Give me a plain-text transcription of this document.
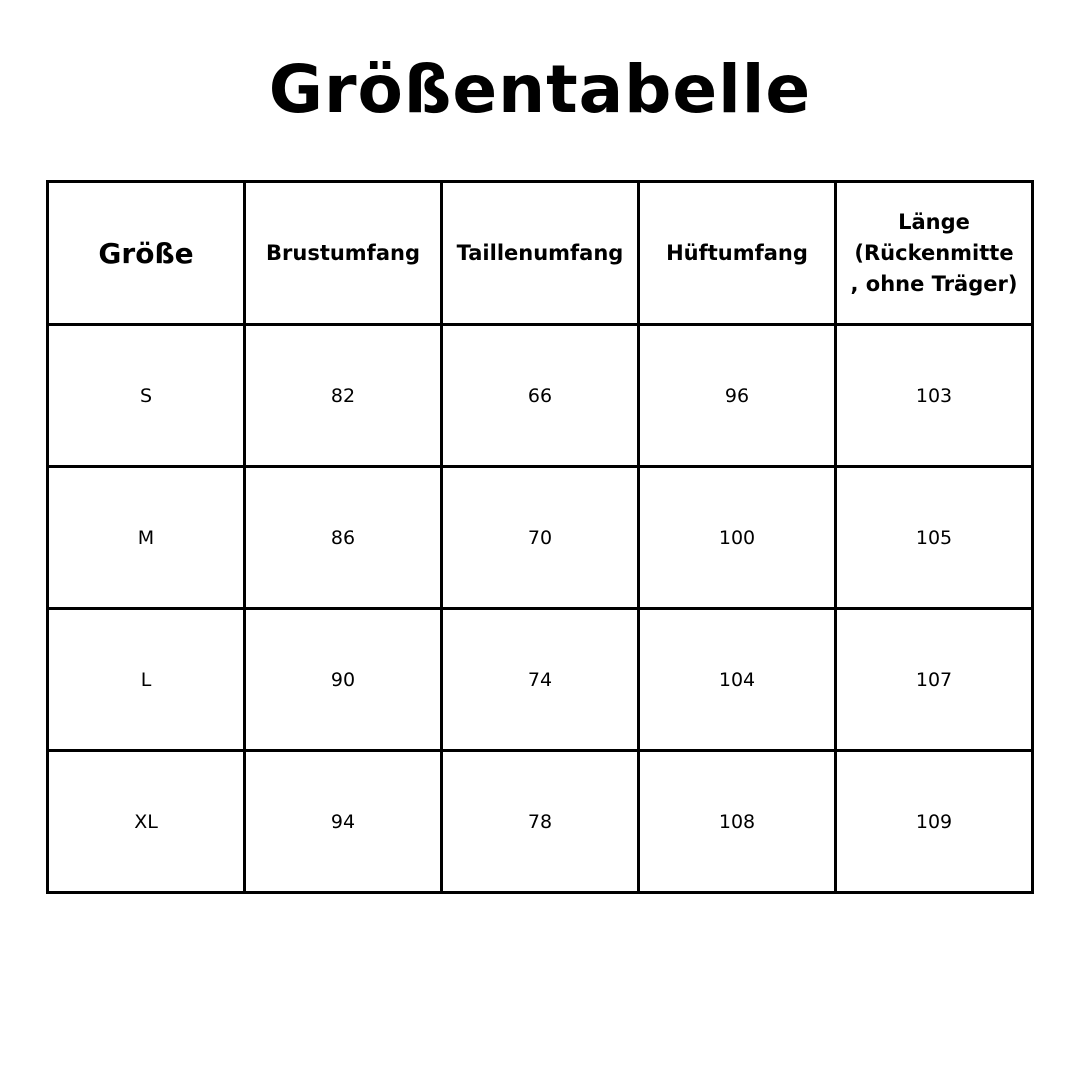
Größentabelle
Größe	Brustumfang	Taillenumfang	Hüftumfang	Länge
(Rückenmitte
, ohne Träger)
S	82	66	96	103
M	86	70	100	105
L	90	74	104	107
XL	94	78	108	109
